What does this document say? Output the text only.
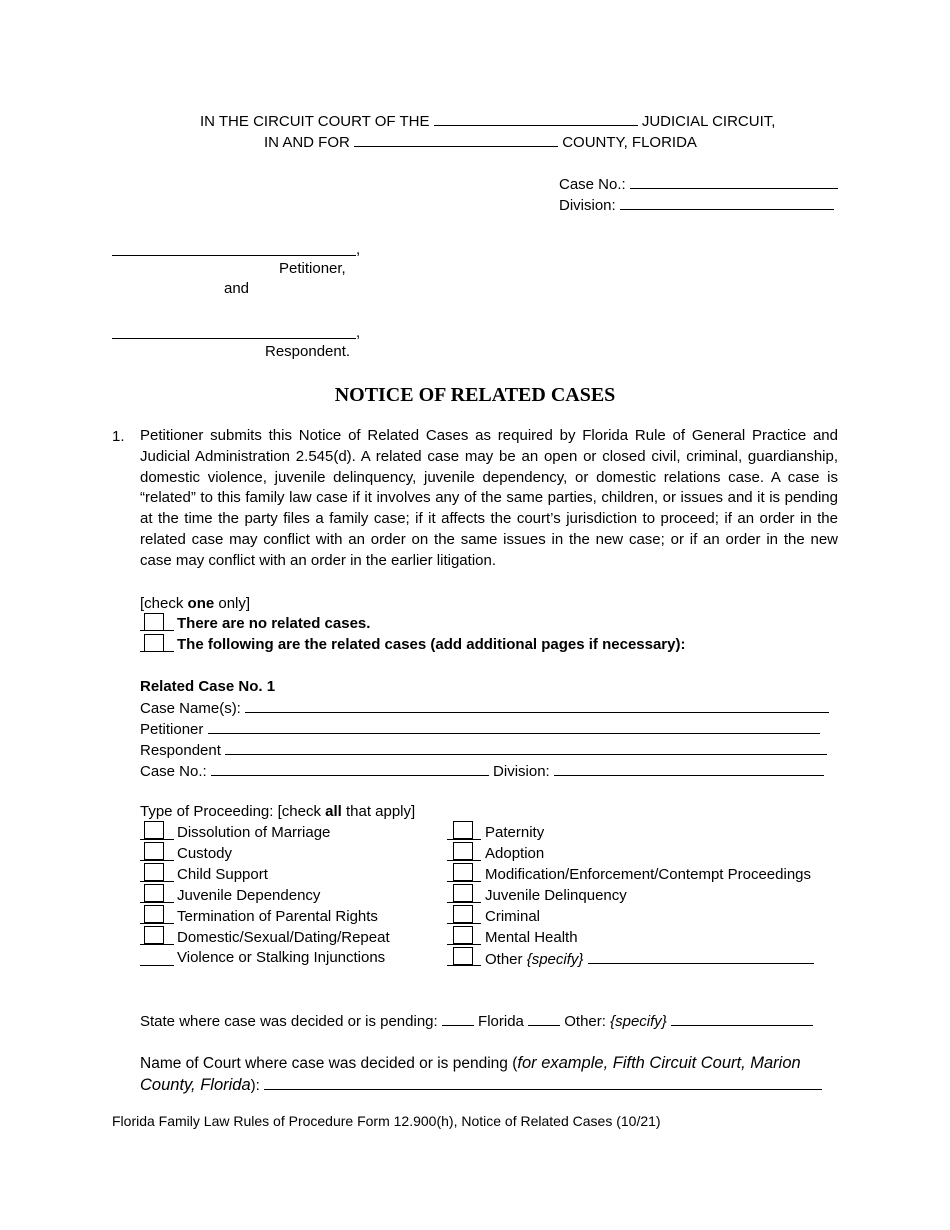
IN THE CIRCUIT COURT OF THE	JUDICIAL CIRCUIT,
IN AND FOR	COUNTY, FLORIDA
Case No.:
Division:
,
Petitioner,
and
,
Respondent.
NOTICE OF RELATED CASES
1. Petitioner submits this Notice of Related Cases as required by Florida Rule of General Practice and Judicial Administration 2.545(d). A related case may be an open or closed civil, criminal, guardianship, domestic violence, juvenile delinquency, juvenile dependency, or domestic relations case. A case is “related” to this family law case if it involves any of the same parties, children, or issues and it is pending at the time the party files a family case; if it affects the court’s jurisdiction to proceed; if an order in the related case may conflict with an order on the same issues in the new case; or if an order in the new case may conflict with an order in the earlier litigation.
[check one only]
There are no related cases.
The following are the related cases (add additional pages if necessary):
Related Case No. 1
Case Name(s):
Petitioner
Respondent
Case No.:	Division:
Type of Proceeding: [check all that apply]
Dissolution of Marriage
Custody
Child Support
Juvenile Dependency
Termination of Parental Rights
Domestic/Sexual/Dating/Repeat
Violence or Stalking Injunctions
Paternity
Adoption
Modification/Enforcement/Contempt Proceedings
Juvenile Delinquency
Criminal
Mental Health
Other {specify}
State where case was decided or is pending:	Florida	Other: {specify}
Name of Court where case was decided or is pending (for example, Fifth Circuit Court, Marion
County, Florida):
Florida Family Law Rules of Procedure Form 12.900(h), Notice of Related Cases (10/21)
